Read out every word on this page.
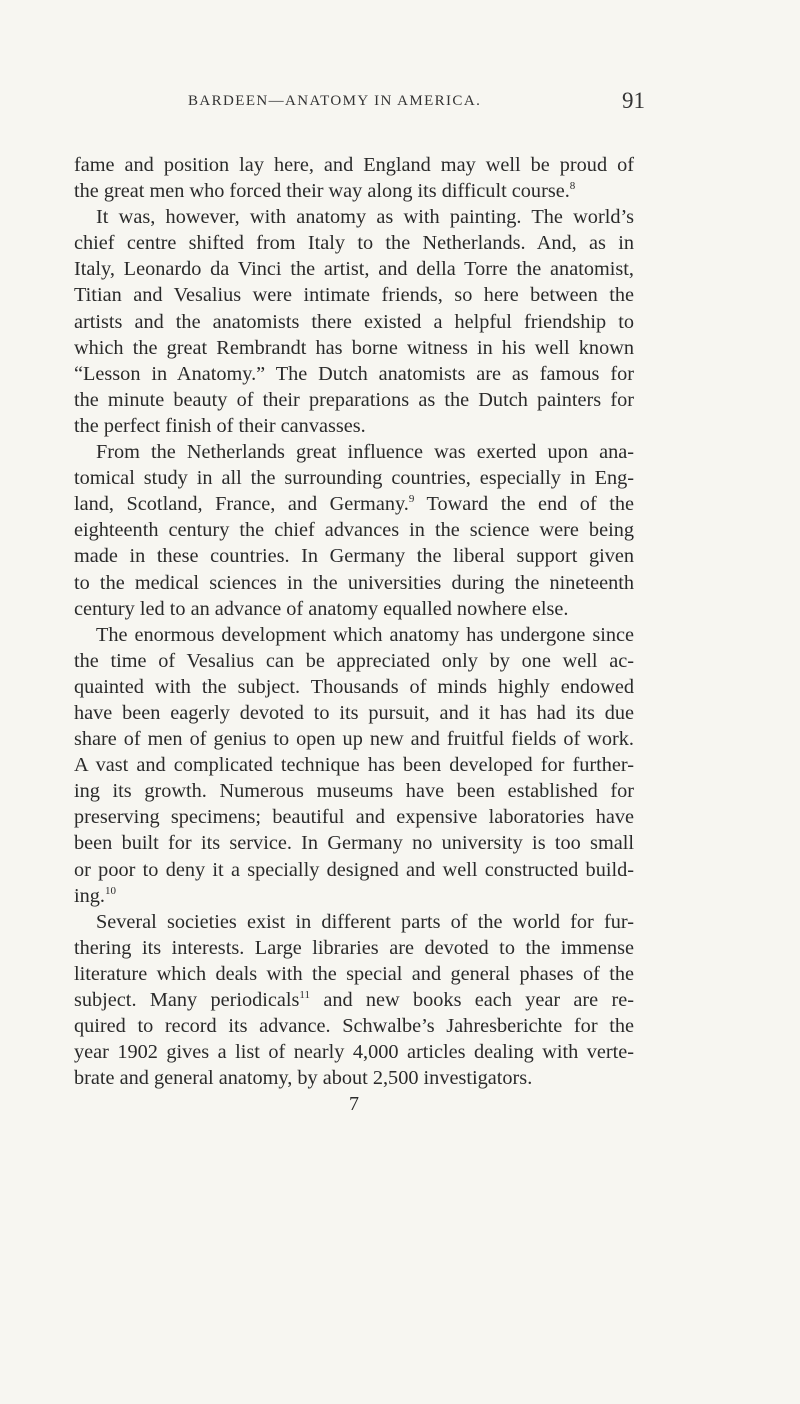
BARDEEN—ANATOMY IN AMERICA.	91
fame and position lay here, and England may well be proud of
the great men who forced their way along its difficult course.$^8$
It was, however, with anatomy as with painting. The world’s
chief centre shifted from Italy to the Netherlands. And, as in
Italy, Leonardo da Vinci the artist, and della Torre the anatomist,
Titian and Vesalius were intimate friends, so here between the
artists and the anatomists there existed a helpful friendship to
which the great Rembrandt has borne witness in his well known
“Lesson in Anatomy.” The Dutch anatomists are as famous for
the minute beauty of their preparations as the Dutch painters for
the perfect finish of their canvasses.
From the Netherlands great influence was exerted upon ana-
tomical study in all the surrounding countries, especially in Eng-
land, Scotland, France, and Germany.$^9$ Toward the end of the
eighteenth century the chief advances in the science were being
made in these countries. In Germany the liberal support given
to the medical sciences in the universities during the nineteenth
century led to an advance of anatomy equalled nowhere else.
The enormous development which anatomy has undergone since
the time of Vesalius can be appreciated only by one well ac-
quainted with the subject. Thousands of minds highly endowed
have been eagerly devoted to its pursuit, and it has had its due
share of men of genius to open up new and fruitful fields of work.
A vast and complicated technique has been developed for further-
ing its growth. Numerous museums have been established for
preserving specimens; beautiful and expensive laboratories have
been built for its service. In Germany no university is too small
or poor to deny it a specially designed and well constructed build-
ing.$^{10}$
Several societies exist in different parts of the world for fur-
thering its interests. Large libraries are devoted to the immense
literature which deals with the special and general phases of the
subject. Many periodicals$^{11}$ and new books each year are re-
quired to record its advance. Schwalbe’s Jahresberichte for the
year 1902 gives a list of nearly 4,000 articles dealing with verte-
brate and general anatomy, by about 2,500 investigators.
7
